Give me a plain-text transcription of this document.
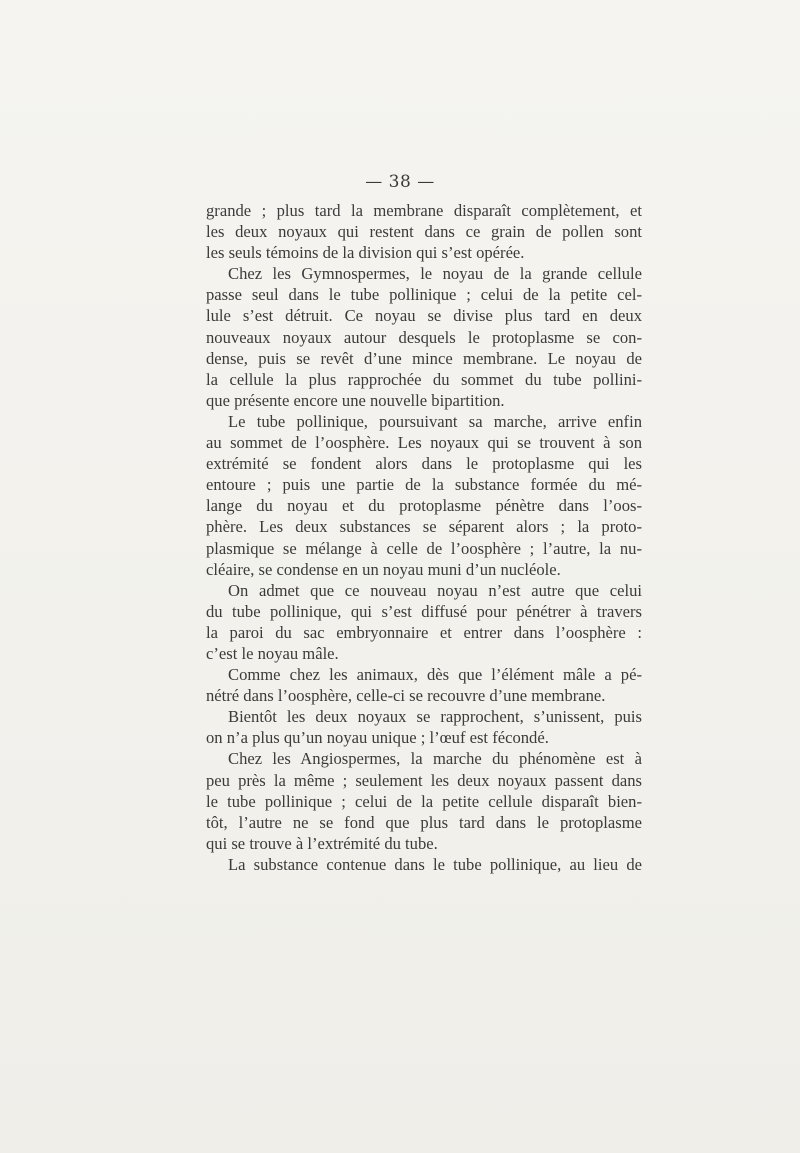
— 38 —
grande ; plus tard la membrane disparaît complètement, et
les deux noyaux qui restent dans ce grain de pollen sont
les seuls témoins de la division qui s’est opérée.
Chez les Gymnospermes, le noyau de la grande cellule
passe seul dans le tube pollinique ; celui de la petite cel-
lule s’est détruit. Ce noyau se divise plus tard en deux
nouveaux noyaux autour desquels le protoplasme se con-
dense, puis se revêt d’une mince membrane. Le noyau de
la cellule la plus rapprochée du sommet du tube pollini-
que présente encore une nouvelle bipartition.
Le tube pollinique, poursuivant sa marche, arrive enfin
au sommet de l’oosphère. Les noyaux qui se trouvent à son
extrémité se fondent alors dans le protoplasme qui les
entoure ; puis une partie de la substance formée du mé-
lange du noyau et du protoplasme pénètre dans l’oos-
phère. Les deux substances se séparent alors ; la proto-
plasmique se mélange à celle de l’oosphère ; l’autre, la nu-
cléaire, se condense en un noyau muni d’un nucléole.
On admet que ce nouveau noyau n’est autre que celui
du tube pollinique, qui s’est diffusé pour pénétrer à travers
la paroi du sac embryonnaire et entrer dans l’oosphère :
c’est le noyau mâle.
Comme chez les animaux, dès que l’élément mâle a pé-
nétré dans l’oosphère, celle-ci se recouvre d’une membrane.
Bientôt les deux noyaux se rapprochent, s’unissent, puis
on n’a plus qu’un noyau unique ; l’œuf est fécondé.
Chez les Angiospermes, la marche du phénomène est à
peu près la même ; seulement les deux noyaux passent dans
le tube pollinique ; celui de la petite cellule disparaît bien-
tôt, l’autre ne se fond que plus tard dans le protoplasme
qui se trouve à l’extrémité du tube.
La substance contenue dans le tube pollinique, au lieu de
